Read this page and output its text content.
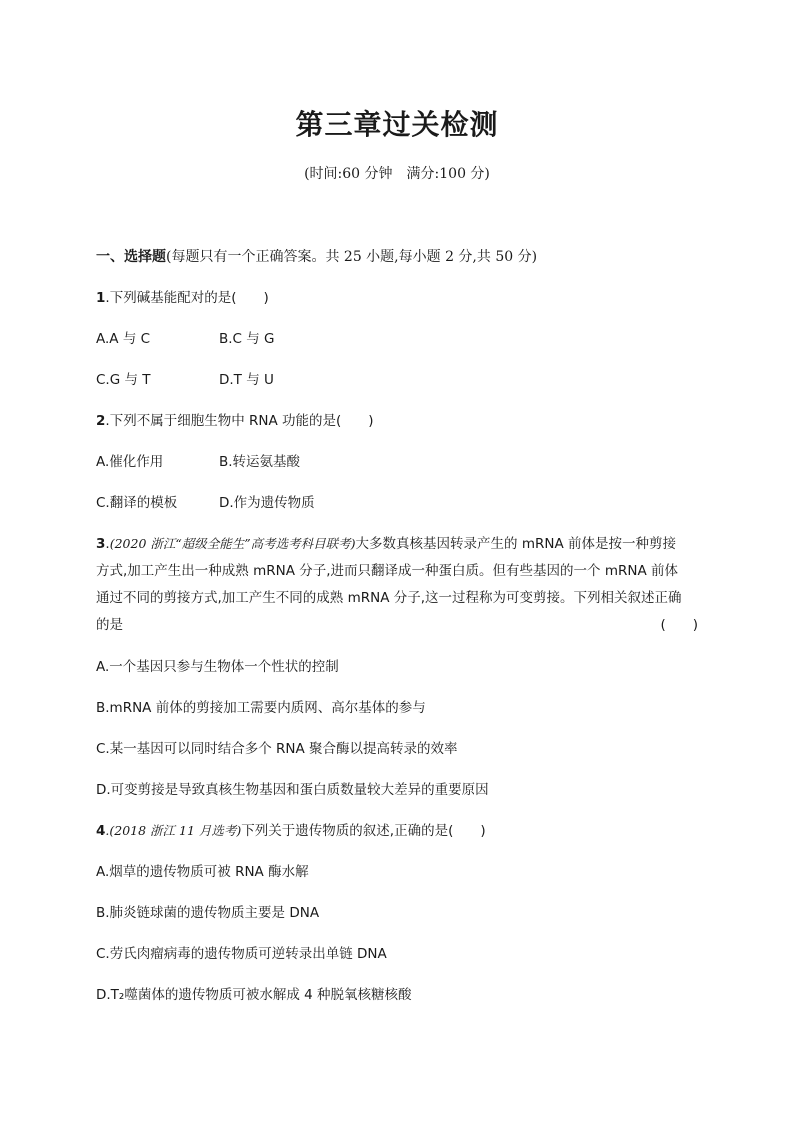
第三章过关检测
(时间:60 分钟　满分:100 分)
一、选择题(每题只有一个正确答案。共 25 小题,每小题 2 分,共 50 分)
1.下列碱基能配对的是(　　)
A.A 与 C	B.C 与 G
C.G 与 T	D.T 与 U
2.下列不属于细胞生物中 RNA 功能的是(　　)
A.催化作用	B.转运氨基酸
C.翻译的模板	D.作为遗传物质
3.(2020 浙江“超级全能生”高考选考科目联考)大多数真核基因转录产生的 mRNA 前体是按一种剪接
方式,加工产生出一种成熟 mRNA 分子,进而只翻译成一种蛋白质。但有些基因的一个 mRNA 前体
通过不同的剪接方式,加工产生不同的成熟 mRNA 分子,这一过程称为可变剪接。下列相关叙述正确
的是	(　　)
A.一个基因只参与生物体一个性状的控制
B.mRNA 前体的剪接加工需要内质网、高尔基体的参与
C.某一基因可以同时结合多个 RNA 聚合酶以提高转录的效率
D.可变剪接是导致真核生物基因和蛋白质数量较大差异的重要原因
4.(2018 浙江 11 月选考)下列关于遗传物质的叙述,正确的是(　　)
A.烟草的遗传物质可被 RNA 酶水解
B.肺炎链球菌的遗传物质主要是 DNA
C.劳氏肉瘤病毒的遗传物质可逆转录出单链 DNA
D.T₂噬菌体的遗传物质可被水解成 4 种脱氧核糖核酸
